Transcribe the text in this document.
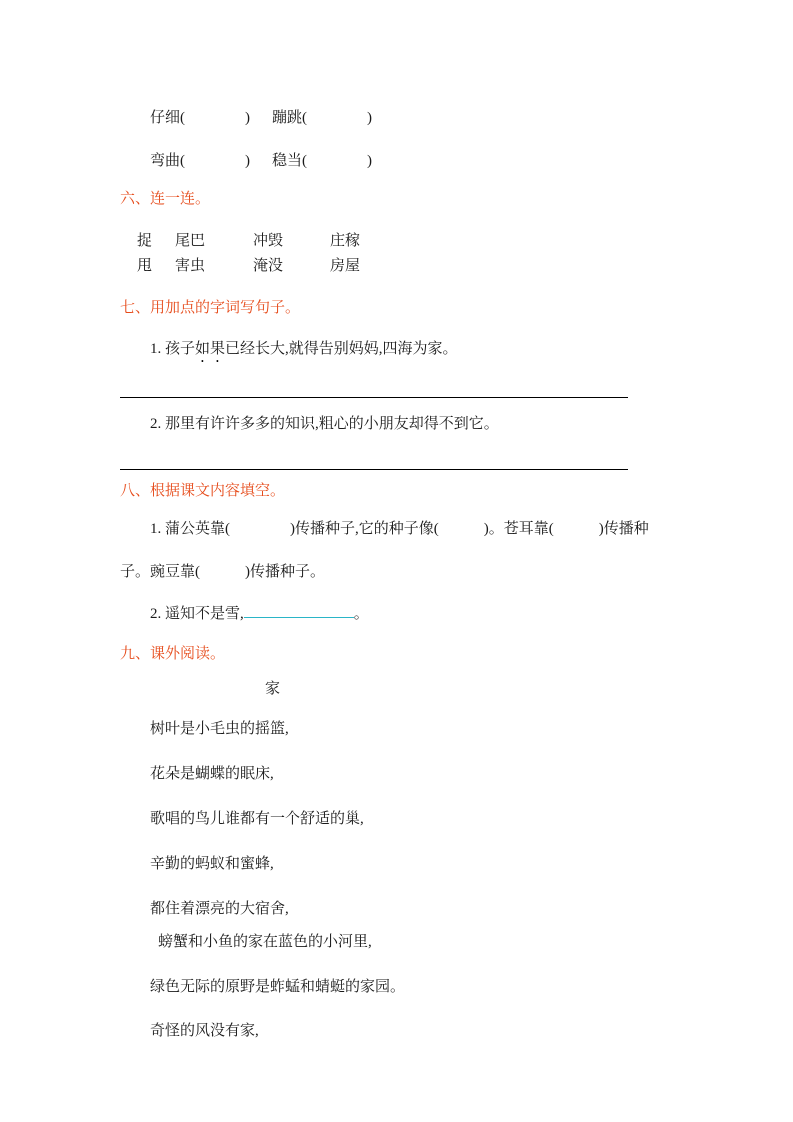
仔细(　　　　) 蹦跳(　　　　)
弯曲(　　　　) 稳当(　　　　)
六、连一连。
捉 尾巴	冲毁	庄稼
甩 害虫	淹没	房屋
七、用加点的字词写句子。

1. 孩子如果已经长大,就得告别妈妈,四海为家。

2. 那里有许许多多的知识,粗心的小朋友却得不到它。

八、根据课文内容填空。

1. 蒲公英靠(　　　　)传播种子,它的种子像(　　　)。苍耳靠(　　　)传播种

子。豌豆靠(　　　)传播种子。

2. 遥知不是雪,	。

九、课外阅读。
家

树叶是小毛虫的摇篮,

花朵是蝴蝶的眠床,

歌唱的鸟儿谁都有一个舒适的巢,

辛勤的蚂蚁和蜜蜂,

都住着漂亮的大宿舍,

螃蟹和小鱼的家在蓝色的小河里,

绿色无际的原野是蚱蜢和蜻蜓的家园。

奇怪的风没有家,
